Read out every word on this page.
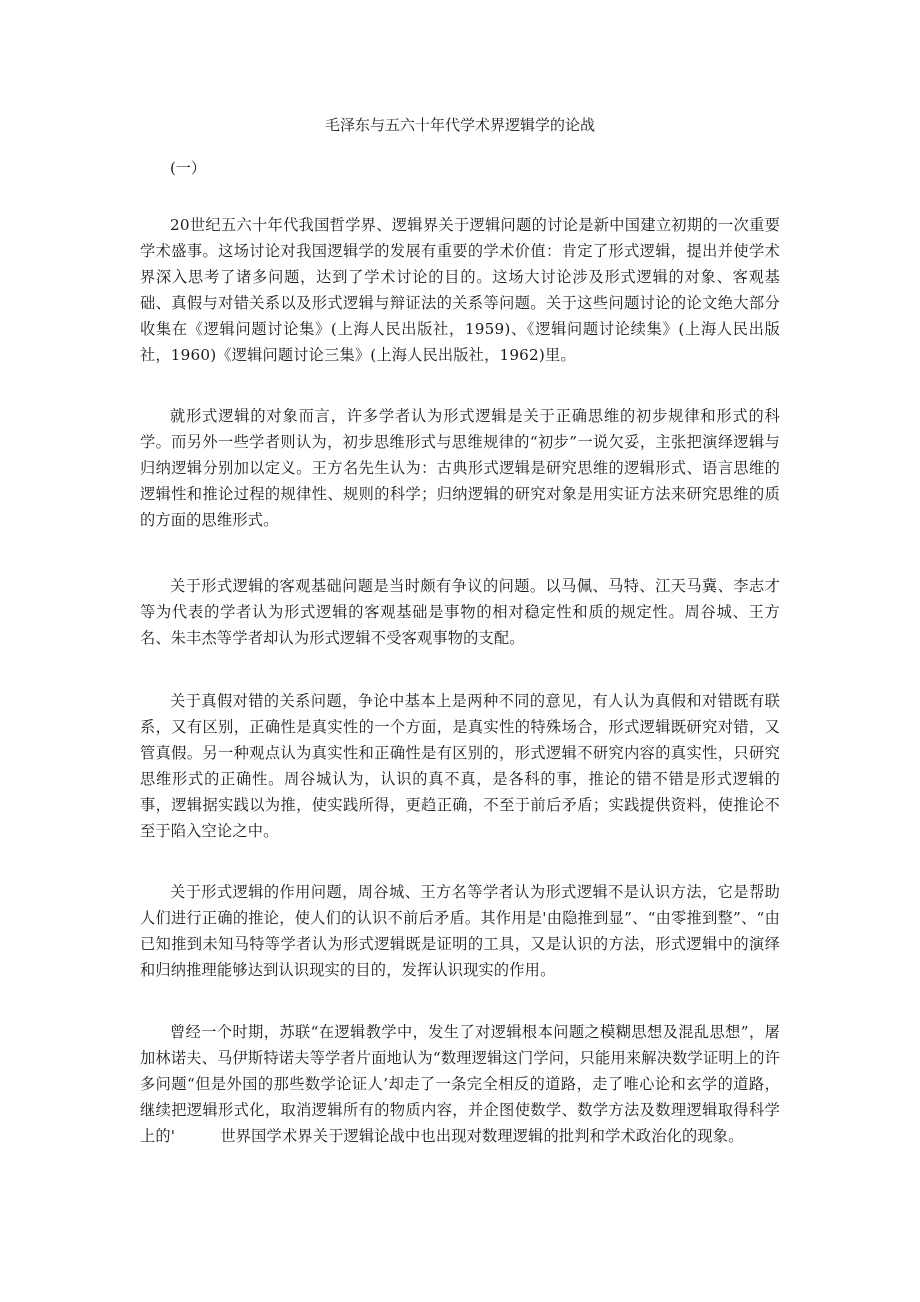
毛泽东与五六十年代学术界逻辑学的论战

(一）

20世纪五六十年代我国哲学界、逻辑界关于逻辑问题的讨论是新中国建立初期的一次重要学术盛事。这场讨论对我国逻辑学的发展有重要的学术价值：肯定了形式逻辑，提出并使学术界深入思考了诸多问题，达到了学术讨论的目的。这场大讨论涉及形式逻辑的对象、客观基础、真假与对错关系以及形式逻辑与辩证法的关系等问题。关于这些问题讨论的论文绝大部分收集在《逻辑问题讨论集》(上海人民出版社，1959)、《逻辑问题讨论续集》(上海人民出版社，1960)《逻辑问题讨论三集》(上海人民出版社，1962)里。

就形式逻辑的对象而言，许多学者认为形式逻辑是关于正确思维的初步规律和形式的科学。而另外一些学者则认为，初步思维形式与思维规律的“初步”一说欠妥，主张把演绎逻辑与归纳逻辑分别加以定义。王方名先生认为：古典形式逻辑是研究思维的逻辑形式、语言思维的逻辑性和推论过程的规律性、规则的科学；归纳逻辑的研究对象是用实证方法来研究思维的质的方面的思维形式。

关于形式逻辑的客观基础问题是当时颇有争议的问题。以马佩、马特、江天马冀、李志才等为代表的学者认为形式逻辑的客观基础是事物的相对稳定性和质的规定性。周谷城、王方名、朱丰杰等学者却认为形式逻辑不受客观事物的支配。

关于真假对错的关系问题，争论中基本上是两种不同的意见，有人认为真假和对错既有联系，又有区别，正确性是真实性的一个方面，是真实性的特殊场合，形式逻辑既研究对错，又管真假。另一种观点认为真实性和正确性是有区别的，形式逻辑不研究内容的真实性，只研究思维形式的正确性。周谷城认为，认识的真不真，是各科的事，推论的错不错是形式逻辑的事，逻辑据实践以为推，使实践所得，更趋正确，不至于前后矛盾；实践提供资料，使推论不至于陷入空论之中。

关于形式逻辑的作用问题，周谷城、王方名等学者认为形式逻辑不是认识方法，它是帮助人们进行正确的推论，使人们的认识不前后矛盾。其作用是'由隐推到显”、“由零推到整”、“由已知推到未知马特等学者认为形式逻辑既是证明的工具，又是认识的方法，形式逻辑中的演绎和归纳推理能够达到认识现实的目的，发挥认识现实的作用。

曾经一个时期，苏联“在逻辑教学中，发生了对逻辑根本问题之模糊思想及混乱思想”，屠加林诺夫、马伊斯特诺夫等学者片面地认为“数理逻辑这门学问，只能用来解决数学证明上的许多问题“但是外国的那些数学论证人’却走了一条完全相反的道路，走了唯心论和玄学的道路，继续把逻辑形式化，取消逻辑所有的物质内容，并企图使数学、数学方法及数理逻辑取得科学上的'         世界国学术界关于逻辑论战中也出现对数理逻辑的批判和学术政治化的现象。
